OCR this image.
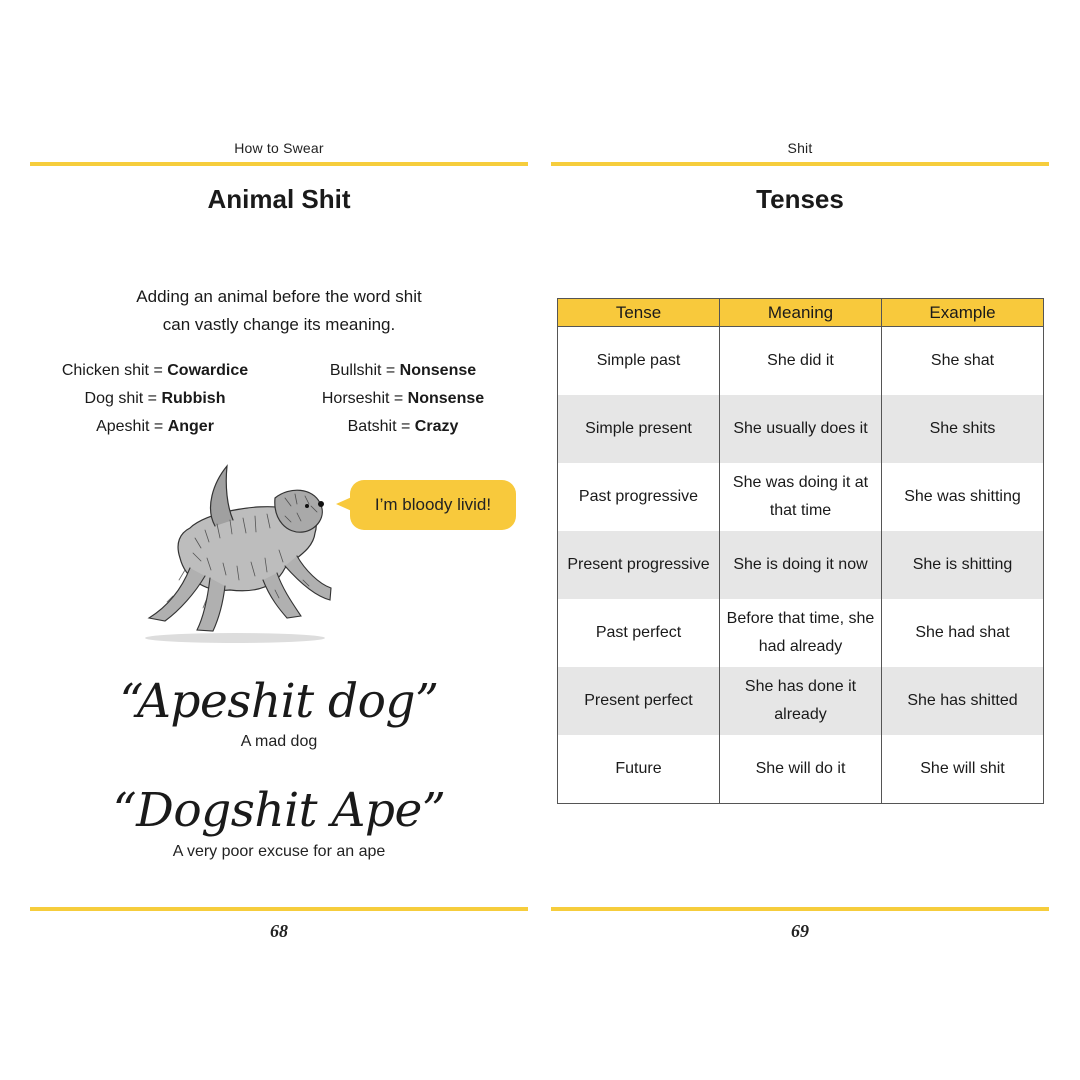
How to Swear
Animal Shit
Adding an animal before the word shit
can vastly change its meaning.
Chicken shit = Cowardice
Dog shit = Rubbish
Apeshit = Anger
Bullshit = Nonsense
Horseshit = Nonsense
Batshit = Crazy
I’m bloody livid!
“Apeshit dog”
A mad dog
“Dogshit Ape”
A very poor excuse for an ape
68
Shit
Tenses
Tense	Meaning	Example
Simple past	She did it	She shat
Simple present	She usually does it	She shits
Past progressive	She was doing it at that time	She was shitting
Present progressive	She is doing it now	She is shitting
Past perfect	Before that time, she had already	She had shat
Present perfect	She has done it already	She has shitted
Future	She will do it	She will shit
69
